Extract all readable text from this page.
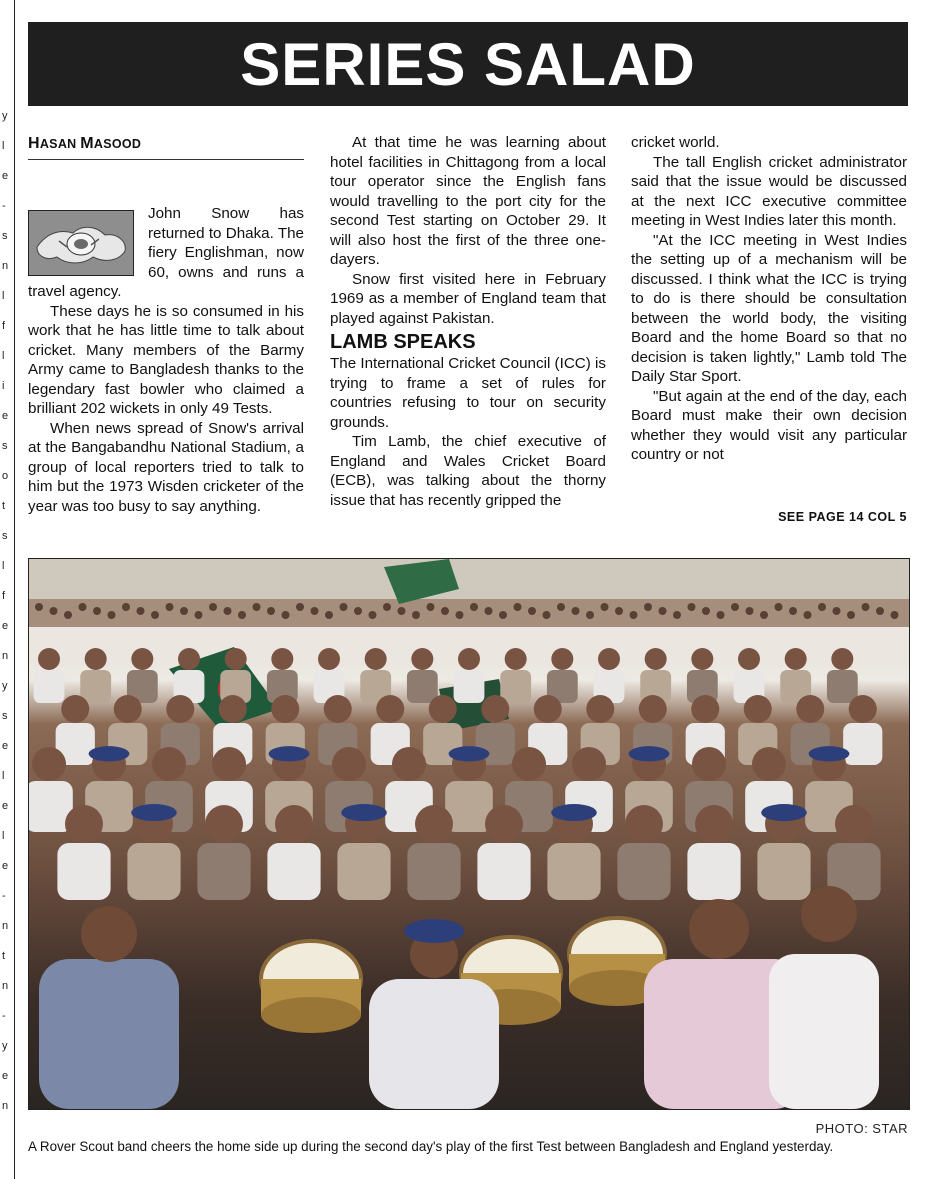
y
l
e
-
s
n
l
f
l
i
e
s
o
t
s
l
f
e
n
y
s
e
l
e
l
e
-
n
t
n
-
y
e
n
SERIES SALAD
HASAN MASOOD

John Snow has returned to Dhaka. The fiery Englishman, now 60, owns and runs a travel agency.

These days he is so consumed in his work that he has little time to talk about cricket. Many members of the Barmy Army came to Bangladesh thanks to the legendary fast bowler who claimed a brilliant 202 wickets in only 49 Tests.

When news spread of Snow's arrival at the Bangabandhu National Stadium, a group of local reporters tried to talk to him but the 1973 Wisden cricketer of the year was too busy to say anything.

At that time he was learning about hotel facilities in Chittagong from a local tour operator since the English fans would travelling to the port city for the second Test starting on October 29. It will also host the first of the three one-dayers.

Snow first visited here in February 1969 as a member of England team that played against Pakistan.

LAMB SPEAKS

The International Cricket Council (ICC) is trying to frame a set of rules for countries refusing to tour on security grounds.

Tim Lamb, the chief executive of England and Wales Cricket Board (ECB), was talking about the thorny issue that has recently gripped the

cricket world.

The tall English cricket administrator said that the issue would be discussed at the next ICC executive committee meeting in West Indies later this month.

"At the ICC meeting in West Indies the setting up of a mechanism will be discussed. I think what the ICC is trying to do is there should be consultation between the world body, the visiting Board and the home Board so that no decision is taken lightly," Lamb told The Daily Star Sport.

"But again at the end of the day, each Board must make their own decision whether they would visit any particular country or not

SEE PAGE 14 COL 5
PHOTO: STAR
A Rover Scout band cheers the home side up during the second day's play of the first Test between Bangladesh and England yesterday.
